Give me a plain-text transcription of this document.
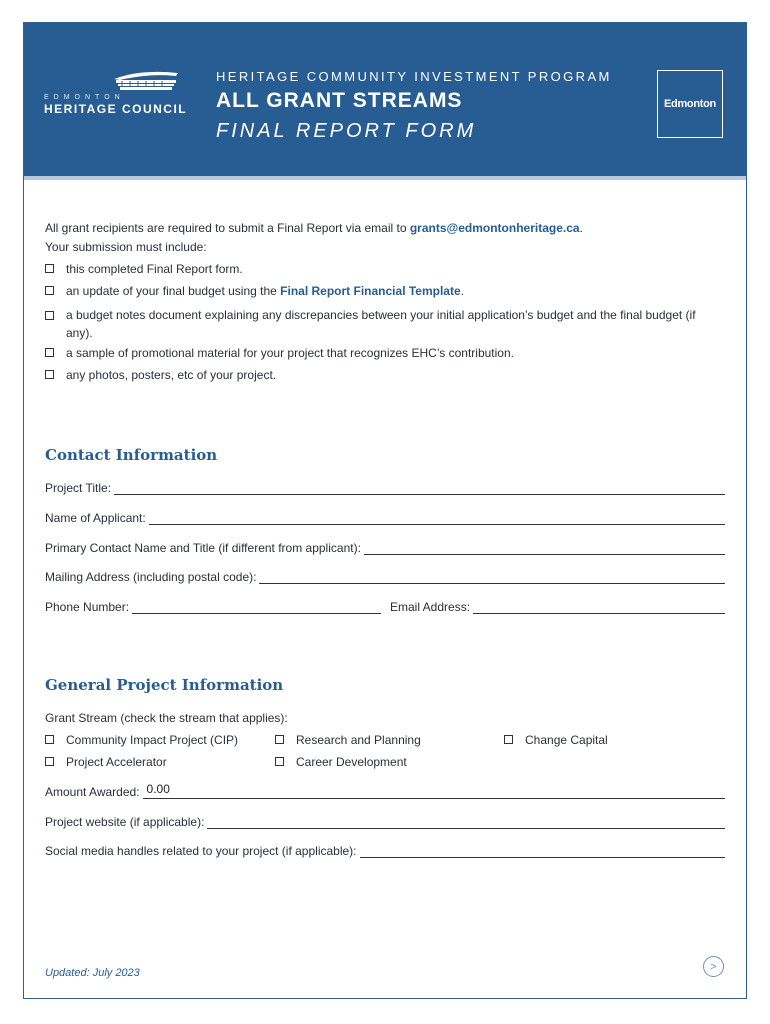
EDMONTON
HERITAGE COUNCIL
HERITAGE COMMUNITY INVESTMENT PROGRAM
ALL GRANT STREAMS
FINAL REPORT FORM
Edmonton
All grant recipients are required to submit a Final Report via email to grants@edmontonheritage.ca.
Your submission must include:
this completed Final Report form.
an update of your final budget using the Final Report Financial Template.
a budget notes document explaining any discrepancies between your initial application’s budget and the final budget (if any).
a sample of promotional material for your project that recognizes EHC’s contribution.
any photos, posters, etc of your project.
Contact Information
Project Title:
Name of Applicant:
Primary Contact Name and Title (if different from applicant):
Mailing Address (including postal code):
Phone Number:	Email Address:
General Project Information
Grant Stream (check the stream that applies):
Community Impact Project (CIP)	Research and Planning	Change Capital
Project Accelerator	Career Development
Amount Awarded: 0.00
Project website (if applicable):
Social media handles related to your project (if applicable):
Updated: July 2023
>
